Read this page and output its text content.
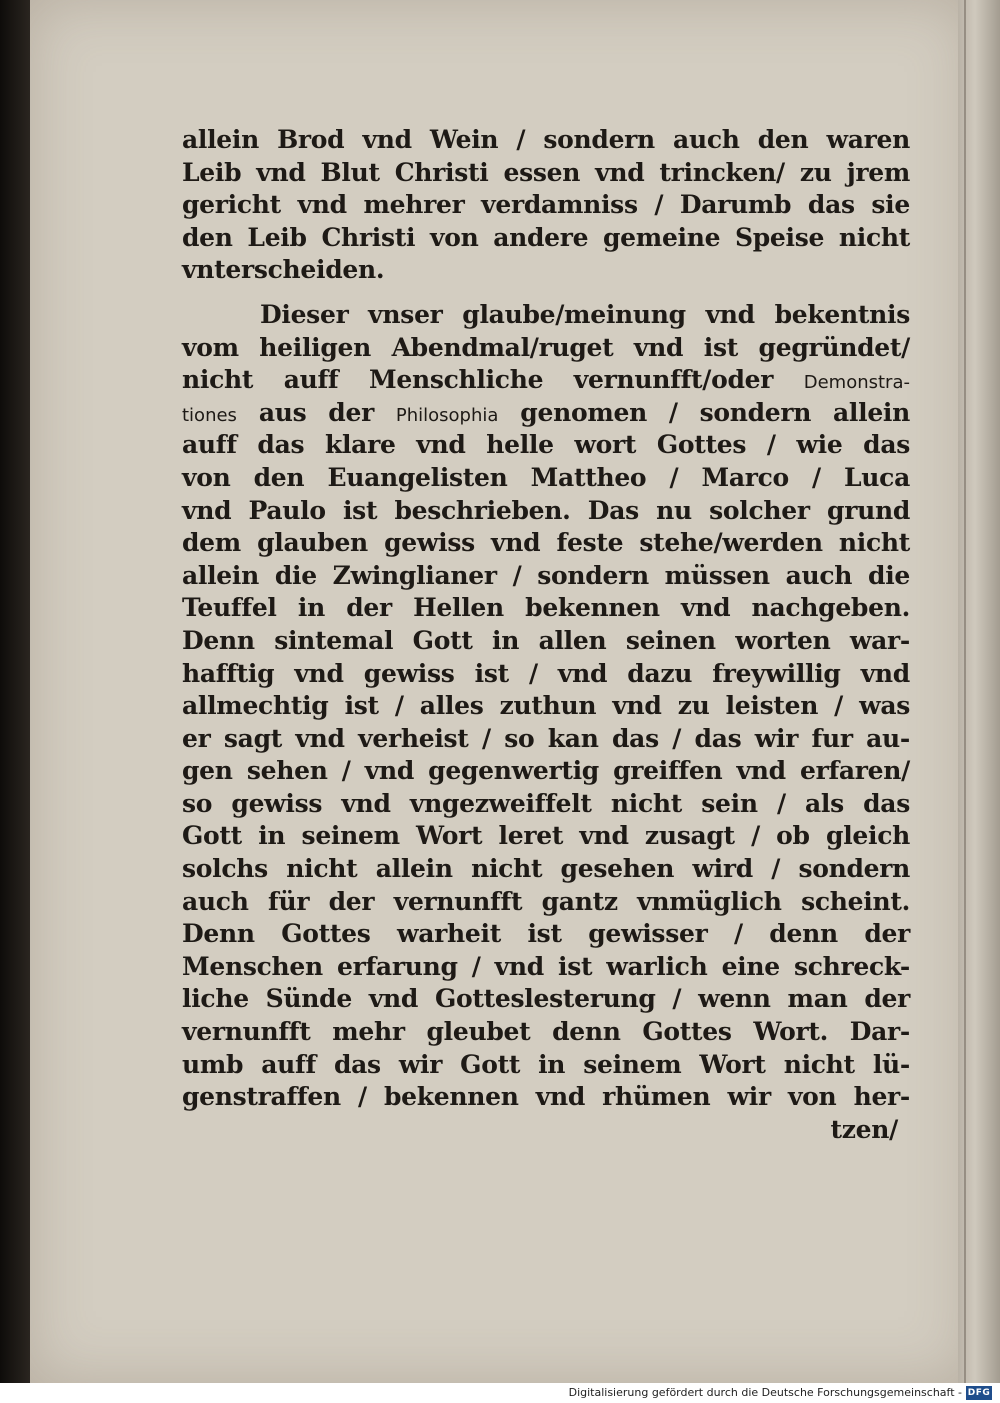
allein Brod vnd Wein / sondern auch den waren

Leib vnd Blut Christi essen vnd trincken/ zu jrem

gericht vnd mehrer verdamniss / Darumb das sie

den Leib Christi von andere gemeine Speise nicht

vnterscheiden.

Dieser vnser glaube/meinung vnd bekentnis

vom heiligen Abendmal/ruget vnd ist gegründet/

nicht auff Menschliche vernunfft/oder Demonstra-

tiones aus der Philosophia genomen / sondern allein

auff das klare vnd helle wort Gottes / wie das

von den Euangelisten Mattheo / Marco / Luca

vnd Paulo ist beschrieben. Das nu solcher grund

dem glauben gewiss vnd feste stehe/werden nicht

allein die Zwinglianer / sondern müssen auch die

Teuffel in der Hellen bekennen vnd nachgeben.

Denn sintemal Gott in allen seinen worten war-

hafftig vnd gewiss ist / vnd dazu freywillig vnd

allmechtig ist / alles zuthun vnd zu leisten / was

er sagt vnd verheist / so kan das / das wir fur au-

gen sehen / vnd gegenwertig greiffen vnd erfaren/

so gewiss vnd vngezweiffelt nicht sein / als das

Gott in seinem Wort leret vnd zusagt / ob gleich

solchs nicht allein nicht gesehen wird / sondern

auch für der vernunfft gantz vnmüglich scheint.

Denn Gottes warheit ist gewisser / denn der

Menschen erfarung / vnd ist warlich eine schreck-

liche Sünde vnd Gotteslesterung / wenn man der

vernunfft mehr gleubet denn Gottes Wort. Dar-

umb auff das wir Gott in seinem Wort nicht lü-

genstraffen / bekennen vnd rhümen wir von her-

tzen/

Digitalisierung gefördert durch die Deutsche Forschungsgemeinschaft - DFG
